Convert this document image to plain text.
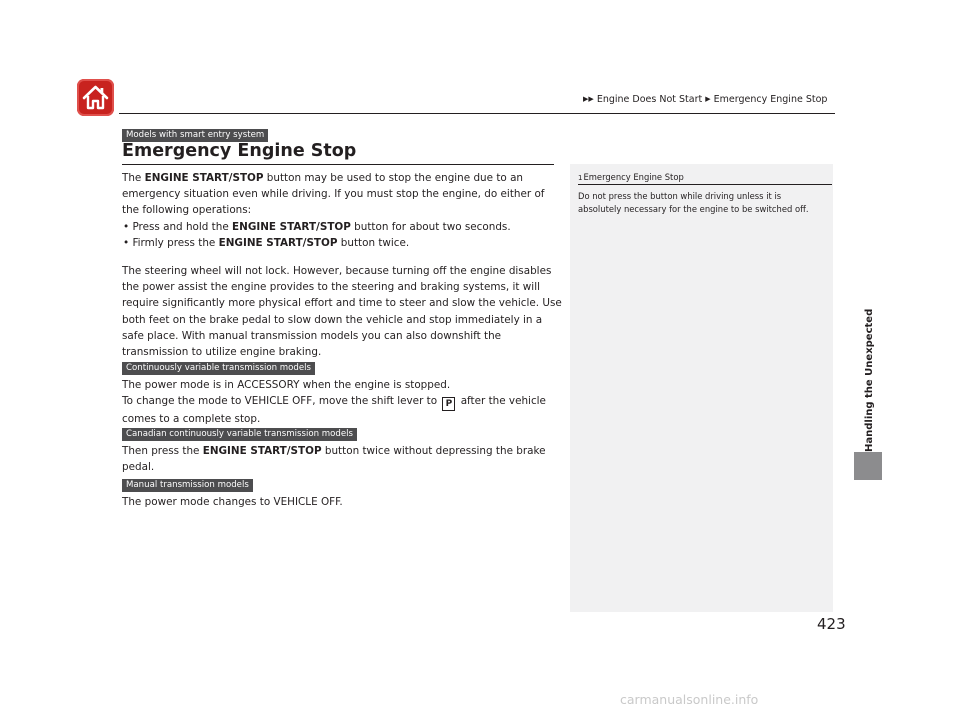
▶▶ Engine Does Not Start ▶ Emergency Engine Stop
Models with smart entry system
Emergency Engine Stop
The ENGINE START/STOP button may be used to stop the engine due to an emergency situation even while driving. If you must stop the engine, do either of the following operations:
• Press and hold the ENGINE START/STOP button for about two seconds.
• Firmly press the ENGINE START/STOP button twice.
The steering wheel will not lock. However, because turning off the engine disables the power assist the engine provides to the steering and braking systems, it will require significantly more physical effort and time to steer and slow the vehicle. Use both feet on the brake pedal to slow down the vehicle and stop immediately in a safe place. With manual transmission models you can also downshift the transmission to utilize engine braking.
Continuously variable transmission models
The power mode is in ACCESSORY when the engine is stopped.
To change the mode to VEHICLE OFF, move the shift lever to P after the vehicle comes to a complete stop.
Canadian continuously variable transmission models
Then press the ENGINE START/STOP button twice without depressing the brake pedal.
Manual transmission models
The power mode changes to VEHICLE OFF.
1Emergency Engine Stop
Do not press the button while driving unless it is absolutely necessary for the engine to be switched off.
Handling the Unexpected
423
carmanualsonline.info
